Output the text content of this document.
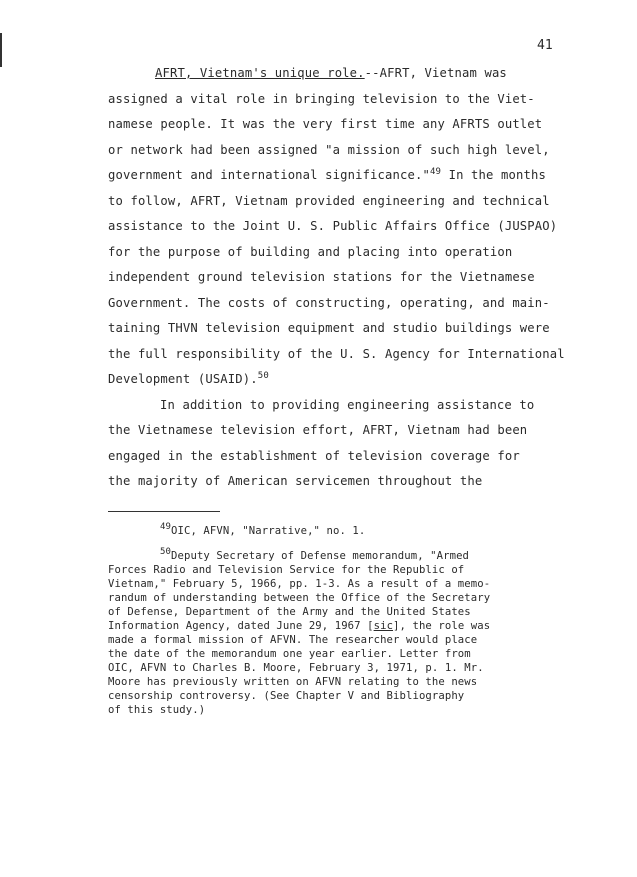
41
AFRT, Vietnam's unique role.--AFRT, Vietnam was
assigned a vital role in bringing television to the Viet-
namese people. It was the very first time any AFRTS outlet
or network had been assigned "a mission of such high level,
government and international significance."$^{49}$ In the months
to follow, AFRT, Vietnam provided engineering and technical
assistance to the Joint U. S. Public Affairs Office (JUSPAO)
for the purpose of building and placing into operation
independent ground television stations for the Vietnamese
Government. The costs of constructing, operating, and main-
taining THVN television equipment and studio buildings were
the full responsibility of the U. S. Agency for International
Development (USAID).$^{50}$
In addition to providing engineering assistance to
the Vietnamese television effort, AFRT, Vietnam had been
engaged in the establishment of television coverage for
the majority of American servicemen throughout the
$^{49}$OIC, AFVN, "Narrative," no. 1.
$^{50}$Deputy Secretary of Defense memorandum, "Armed
Forces Radio and Television Service for the Republic of
Vietnam," February 5, 1966, pp. 1-3. As a result of a memo-
randum of understanding between the Office of the Secretary
of Defense, Department of the Army and the United States
Information Agency, dated June 29, 1967 [sic], the role was
made a formal mission of AFVN. The researcher would place
the date of the memorandum one year earlier. Letter from
OIC, AFVN to Charles B. Moore, February 3, 1971, p. 1. Mr.
Moore has previously written on AFVN relating to the news
censorship controversy. (See Chapter V and Bibliography
of this study.)
